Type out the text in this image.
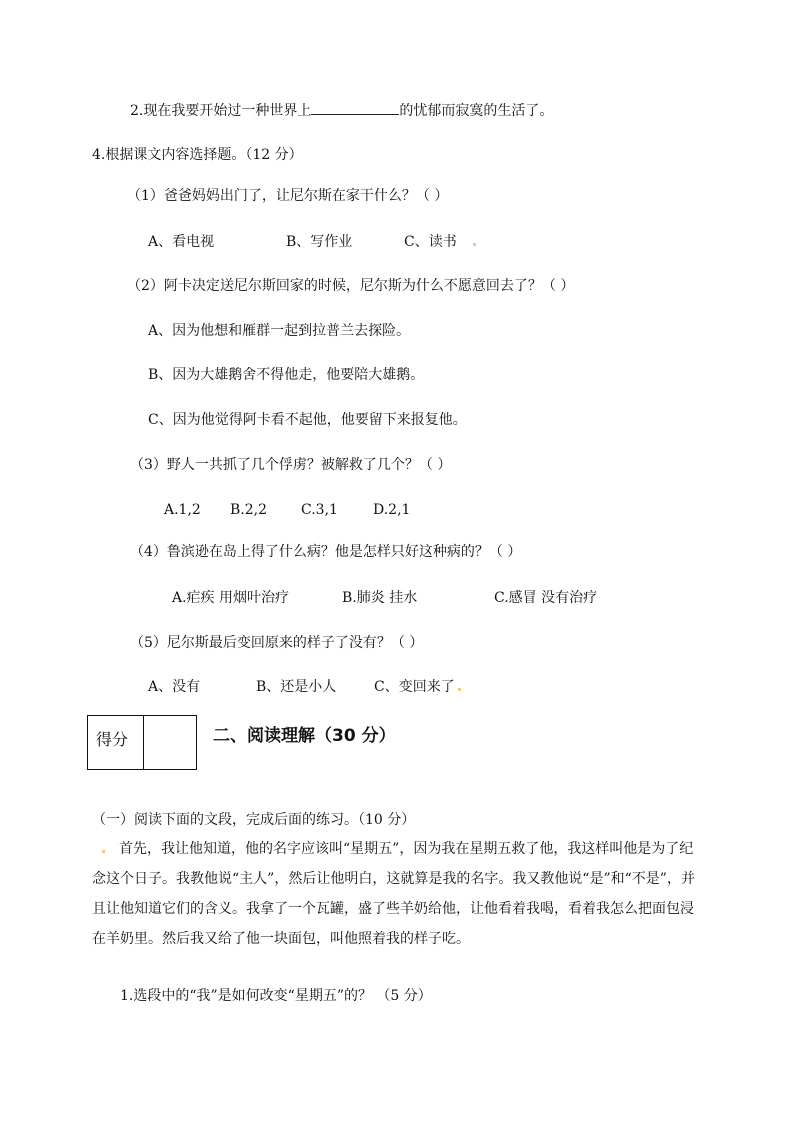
2.现在我要开始过一种世界上	的忧郁而寂寞的生活了。
4.根据课文内容选择题。（12 分）
（1）爸爸妈妈出门了，让尼尔斯在家干什么？（ ）
A、看电视	B、写作业	C、读书
（2）阿卡决定送尼尔斯回家的时候，尼尔斯为什么不愿意回去了？（ ）
A、因为他想和雁群一起到拉普兰去探险。
B、因为大雄鹅舍不得他走，他要陪大雄鹅。
C、因为他觉得阿卡看不起他，他要留下来报复他。
（3）野人一共抓了几个俘虏？被解救了几个？（ ）
A.1,2 B.2,2 C.3,1	D.2,1
（4）鲁滨逊在岛上得了什么病？他是怎样只好这种病的？（ ）
A.疟疾 用烟叶治疗	B.肺炎 挂水	C.感冒 没有治疗
（5）尼尔斯最后变回原来的样子了没有？（ ）
A、没有	B、还是小人	C、变回来了
得分	二、阅读理解（30 分）
（一）阅读下面的文段，完成后面的练习。（10 分）
首先，我让他知道，他的名字应该叫“星期五”，因为我在星期五救了他，我这样叫他是为了纪念这个日子。我教他说“主人”，然后让他明白，这就算是我的名字。我又教他说“是”和“不是”，并且让他知道它们的含义。我拿了一个瓦罐，盛了些羊奶给他，让他看着我喝，看着我怎么把面包浸在羊奶里。然后我又给了他一块面包，叫他照着我的样子吃。
1.选段中的“我”是如何改变“星期五”的？ （5 分）
